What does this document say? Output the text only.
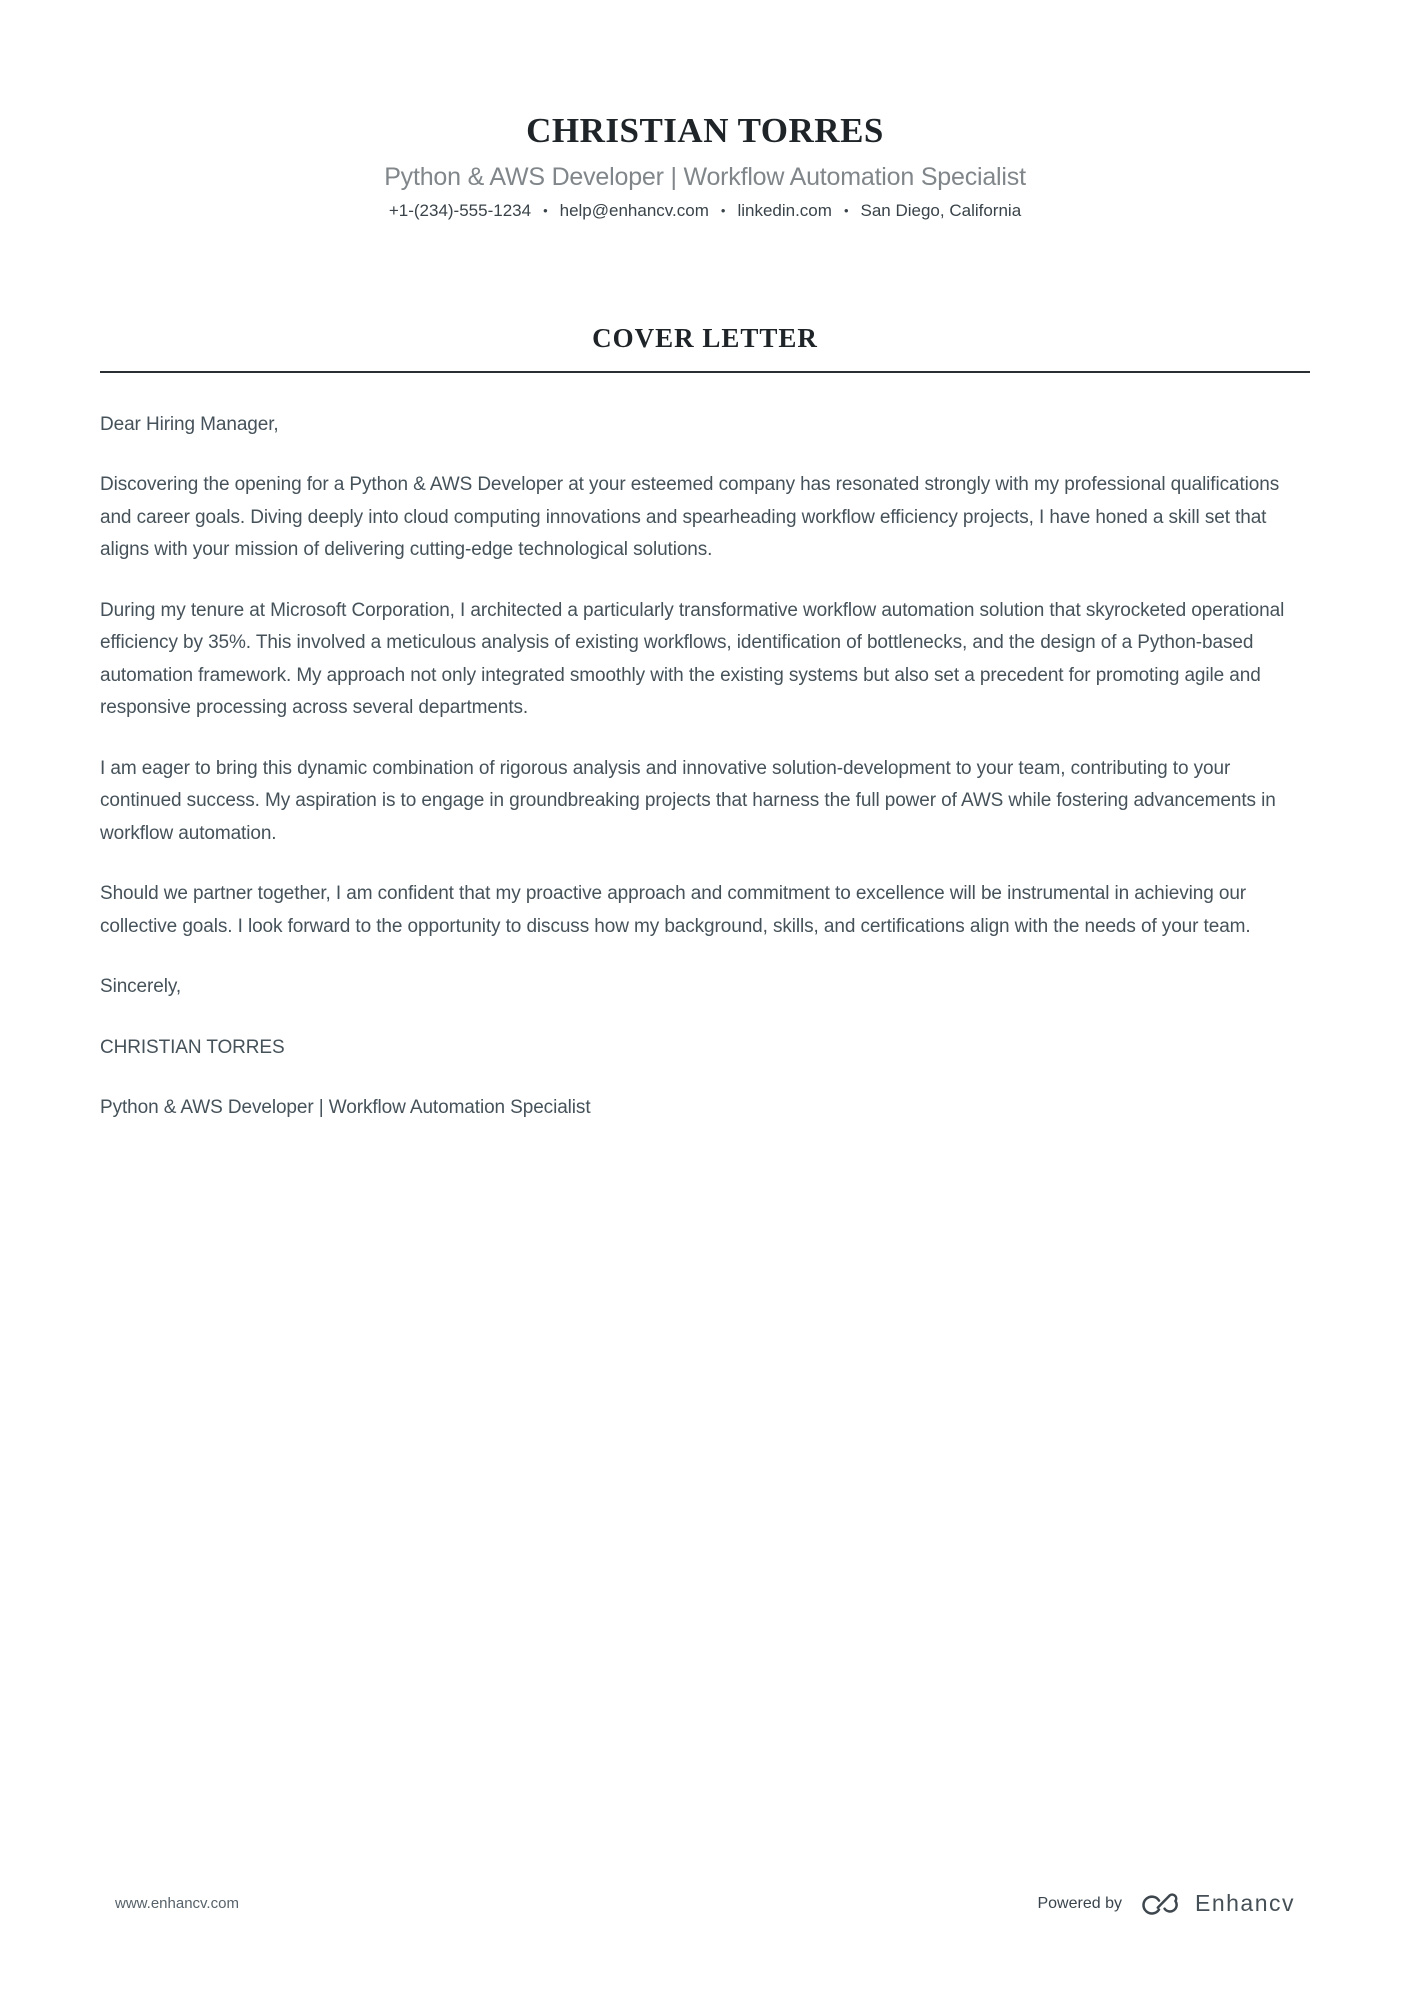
CHRISTIAN TORRES
Python & AWS Developer | Workflow Automation Specialist
+1-(234)-555-1234 • help@enhancv.com • linkedin.com • San Diego, California
COVER LETTER

Dear Hiring Manager,

Discovering the opening for a Python & AWS Developer at your esteemed company has resonated strongly with my professional qualifications and career goals. Diving deeply into cloud computing innovations and spearheading workflow efficiency projects, I have honed a skill set that aligns with your mission of delivering cutting-edge technological solutions.

During my tenure at Microsoft Corporation, I architected a particularly transformative workflow automation solution that skyrocketed operational efficiency by 35%. This involved a meticulous analysis of existing workflows, identification of bottlenecks, and the design of a Python-based automation framework. My approach not only integrated smoothly with the existing systems but also set a precedent for promoting agile and responsive processing across several departments.

I am eager to bring this dynamic combination of rigorous analysis and innovative solution-development to your team, contributing to your continued success. My aspiration is to engage in groundbreaking projects that harness the full power of AWS while fostering advancements in workflow automation.

Should we partner together, I am confident that my proactive approach and commitment to excellence will be instrumental in achieving our collective goals. I look forward to the opportunity to discuss how my background, skills, and certifications align with the needs of your team.

Sincerely,

CHRISTIAN TORRES

Python & AWS Developer | Workflow Automation Specialist

www.enhancv.com	Powered by	Enhancv
